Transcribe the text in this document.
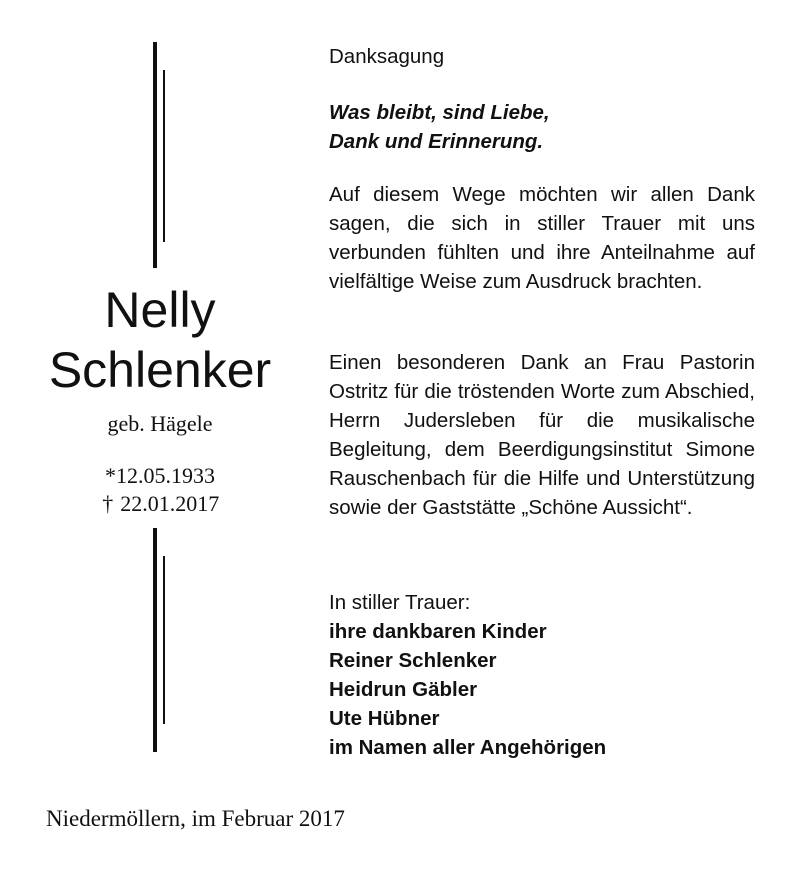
Nelly
Schlenker
geb. Hägele
*12.05.1933
† 22.01.2017
Danksagung
Was bleibt, sind Liebe,
Dank und Erinnerung.
Auf diesem Wege möchten wir allen Dank sagen, die sich in stiller Trauer mit uns verbunden fühlten und ihre Anteilnahme auf vielfältige Weise zum Ausdruck brachten.
Einen besonderen Dank an Frau Pastorin Ostritz für die tröstenden Worte zum Abschied, Herrn Judersleben für die musikalische Begleitung, dem Beerdigungsinstitut Simone Rauschenbach für die Hilfe und Unterstützung sowie der Gaststätte „Schöne Aussicht“.
In stiller Trauer:
ihre dankbaren Kinder
Reiner Schlenker
Heidrun Gäbler
Ute Hübner
im Namen aller Angehörigen
Niedermöllern, im Februar 2017
